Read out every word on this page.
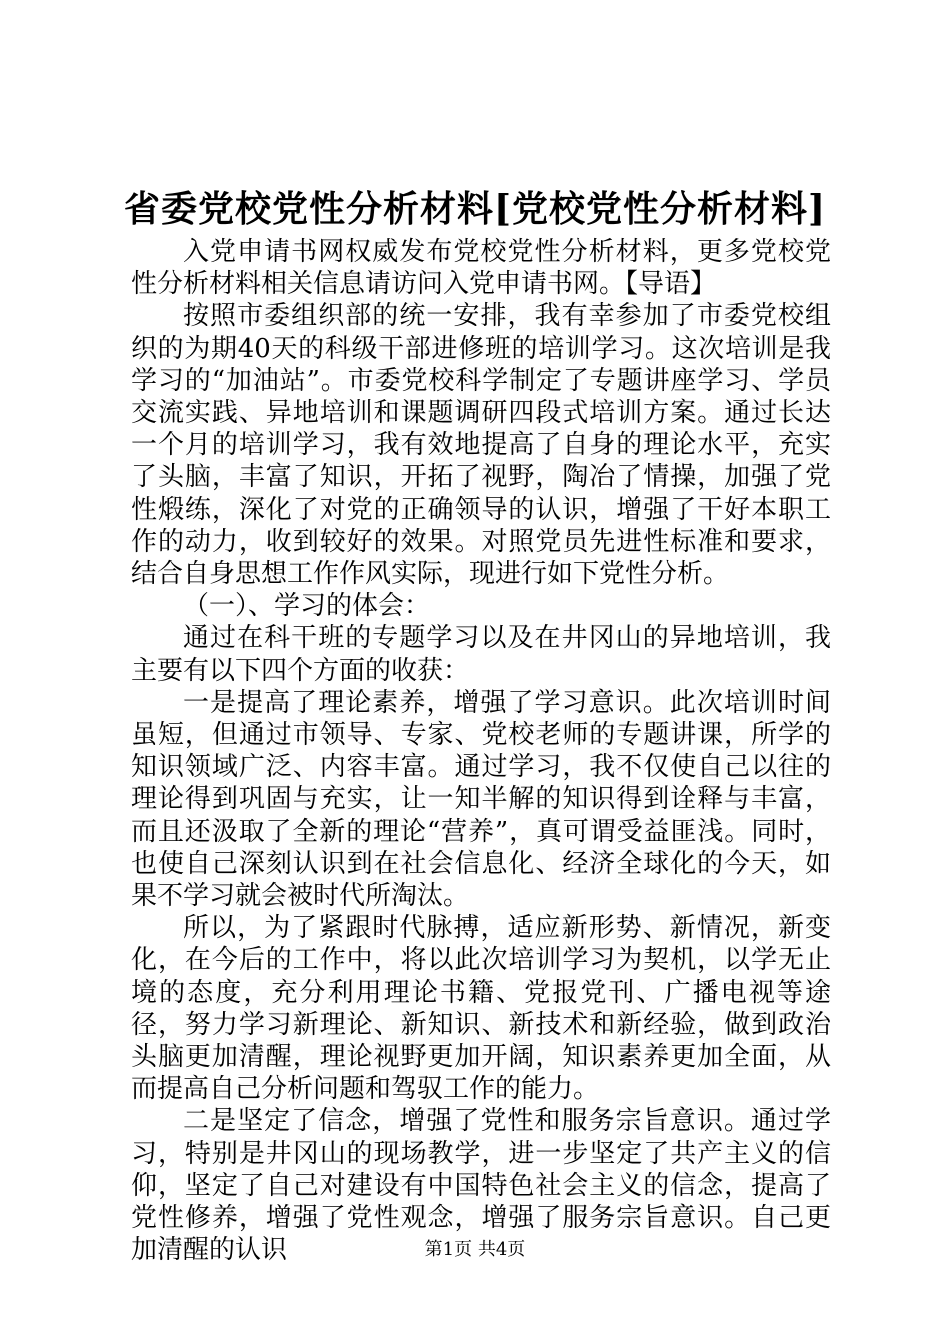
省委党校党性分析材料[党校党性分析材料]

入党申请书网权威发布党校党性分析材料，更多党校党性分析材料相关信息请访问入党申请书网。【导语】

按照市委组织部的统一安排，我有幸参加了市委党校组织的为期40天的科级干部进修班的培训学习。这次培训是我学习的“加油站”。市委党校科学制定了专题讲座学习、学员交流实践、异地培训和课题调研四段式培训方案。通过长达一个月的培训学习，我有效地提高了自身的理论水平，充实了头脑，丰富了知识，开拓了视野，陶冶了情操，加强了党性煅练，深化了对党的正确领导的认识，增强了干好本职工作的动力，收到较好的效果。对照党员先进性标准和要求，结合自身思想工作作风实际，现进行如下党性分析。

（一）、学习的体会：

通过在科干班的专题学习以及在井冈山的异地培训，我主要有以下四个方面的收获：

一是提高了理论素养，增强了学习意识。此次培训时间虽短，但通过市领导、专家、党校老师的专题讲课，所学的知识领域广泛、内容丰富。通过学习，我不仅使自己以往的理论得到巩固与充实，让一知半解的知识得到诠释与丰富，而且还汲取了全新的理论“营养”，真可谓受益匪浅。同时，也使自己深刻认识到在社会信息化、经济全球化的今天，如果不学习就会被时代所淘汰。

所以，为了紧跟时代脉搏，适应新形势、新情况，新变化，在今后的工作中，将以此次培训学习为契机，以学无止境的态度，充分利用理论书籍、党报党刊、广播电视等途径，努力学习新理论、新知识、新技术和新经验，做到政治头脑更加清醒，理论视野更加开阔，知识素养更加全面，从而提高自己分析问题和驾驭工作的能力。

二是坚定了信念，增强了党性和服务宗旨意识。通过学习，特别是井冈山的现场教学，进一步坚定了共产主义的信仰，坚定了自己对建设有中国特色社会主义的信念，提高了党性修养，增强了党性观念，增强了服务宗旨意识。自己更加清醒的认识	第1页 共4页
